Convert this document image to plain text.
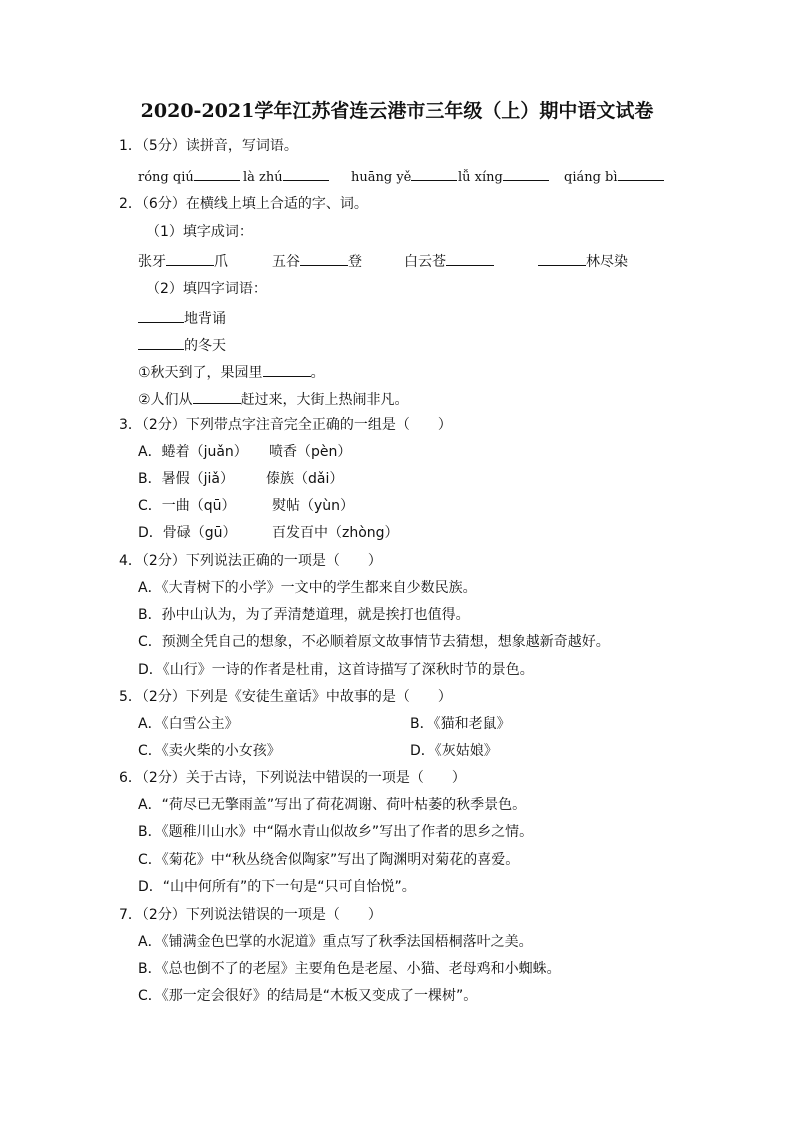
2020-2021学年江苏省连云港市三年级（上）期中语文试卷
1．（5分）读拼音，写词语。
róng qiú	là zhú	huāng yě	lǚ xíng	qiáng bì
2．（6分）在横线上填上合适的字、词。
（1）填字成词：
张牙	爪	五谷	登	白云苍	林尽染
（2）填四字词语：
地背诵
的冬天
①秋天到了，果园里	。
②人们从	赶过来，大街上热闹非凡。
3．（2分）下列带点字注音完全正确的一组是（　　）
A．蜷着（juǎn） 喷香（pèn）
B．暑假（jiǎ） 傣族（dǎi）
C．一曲（qū）	熨帖（yùn）
D．骨碌（gū）	百发百中（zhòng）
4．（2分）下列说法正确的一项是（　　）
A．《大青树下的小学》一文中的学生都来自少数民族。
B．孙中山认为，为了弄清楚道理，就是挨打也值得。
C．预测全凭自己的想象，不必顺着原文故事情节去猜想，想象越新奇越好。
D．《山行》一诗的作者是杜甫，这首诗描写了深秋时节的景色。
5．（2分）下列是《安徒生童话》中故事的是（　　）
A．《白雪公主》	B．《猫和老鼠》
C．《卖火柴的小女孩》	D．《灰姑娘》
6．（2分）关于古诗，下列说法中错误的一项是（　　）
A．“荷尽已无擎雨盖”写出了荷花凋谢、荷叶枯萎的秋季景色。
B．《题稚川山水》中“隔水青山似故乡”写出了作者的思乡之情。
C．《菊花》中“秋丛绕舍似陶家”写出了陶渊明对菊花的喜爱。
D．“山中何所有”的下一句是“只可自怡悦”。
7．（2分）下列说法错误的一项是（　　）
A．《铺满金色巴掌的水泥道》重点写了秋季法国梧桐落叶之美。
B．《总也倒不了的老屋》主要角色是老屋、小猫、老母鸡和小蜘蛛。
C．《那一定会很好》的结局是“木板又变成了一棵树”。
